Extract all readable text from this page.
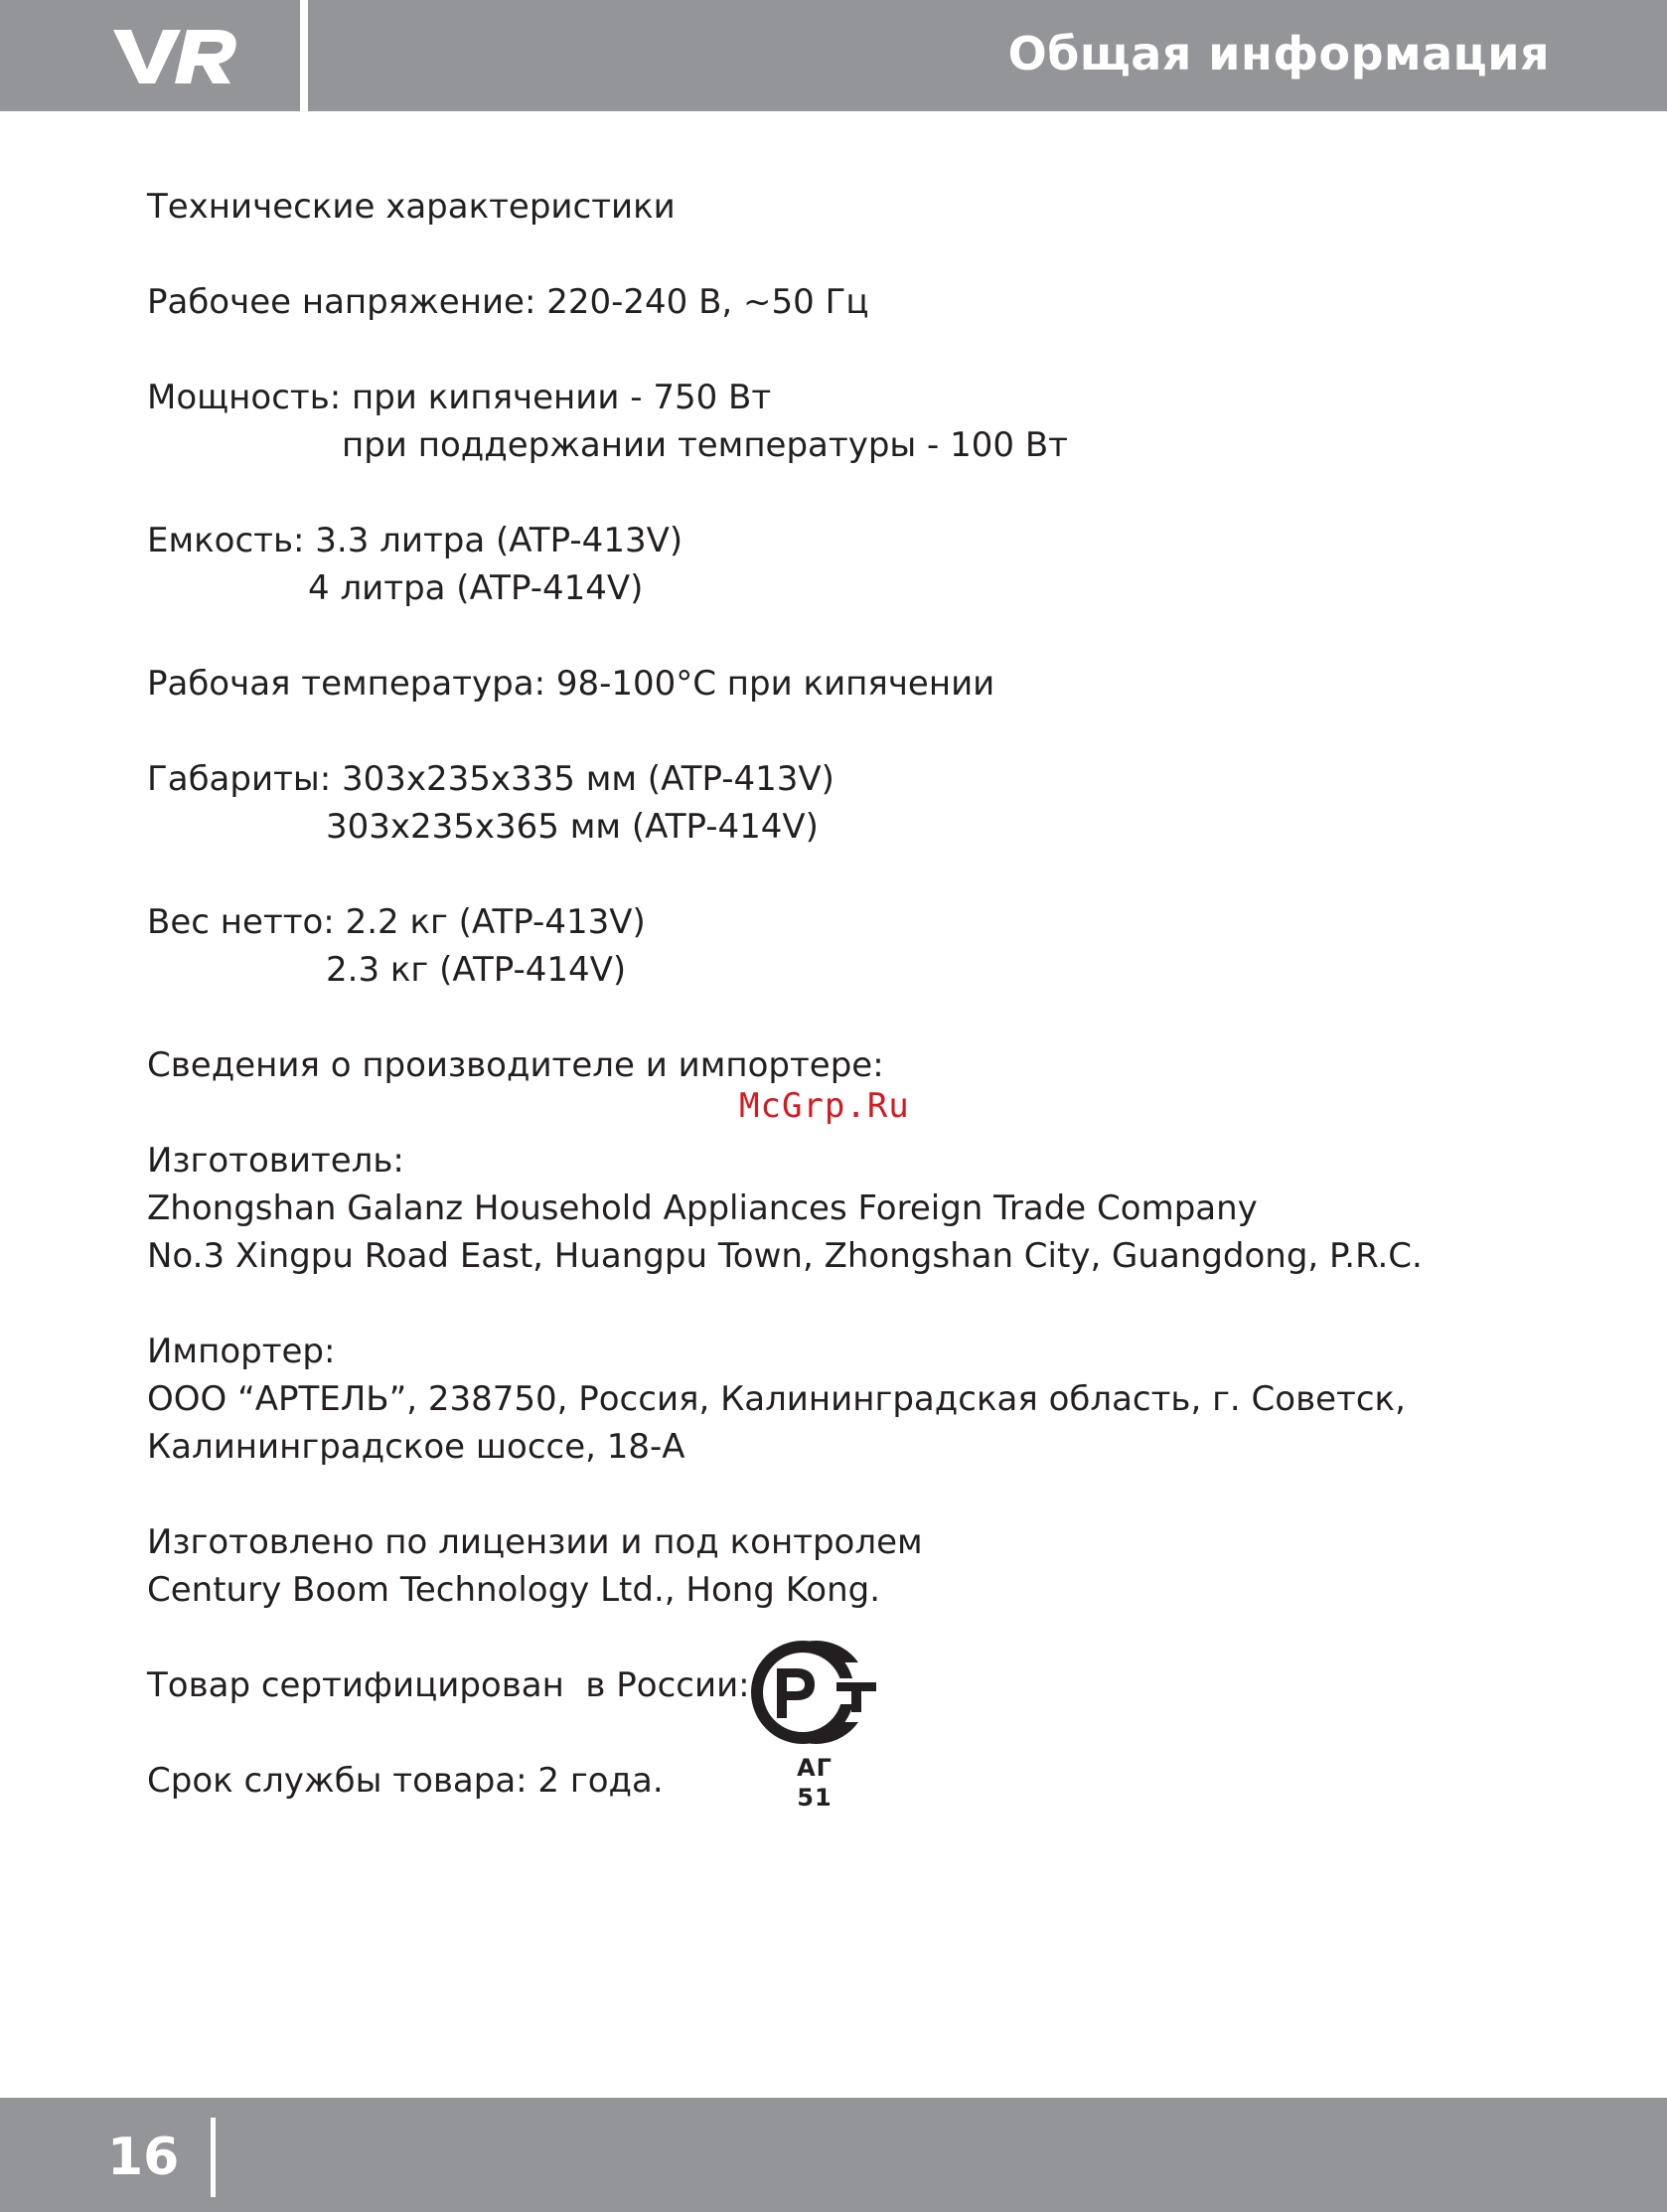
Общая информация
Технические характеристики
Рабочее напряжение: 220-240 В, ~50 Гц
Мощность: при кипячении - 750 Вт
при поддержании температуры - 100 Вт
Емкость: 3.3 литра (ATP-413V)
4 литра (ATP-414V)
Рабочая температура: 98-100°С при кипячении
Габариты: 303х235х335 мм (ATP-413V)
303х235х365 мм (ATP-414V)
Вес нетто: 2.2 кг (ATP-413V)
2.3 кг (ATP-414V)
Сведения о производителе и импортере:
Изготовитель:
Zhongshan Galanz Household Appliances Foreign Trade Company
No.3 Xingpu Road East, Huangpu Town, Zhongshan City, Guangdong, P.R.C.
Импортер:
ООО “АРТЕЛЬ”, 238750, Россия, Калининградская область, г. Советск,
Калининградское шоссе, 18-А
Изготовлено по лицензии и под контролем
Century Boom Technology Ltd., Hong Kong.
Товар сертифицирован  в России:
Срок службы товара: 2 года.
McGrp.Ru
АГ 51
16
